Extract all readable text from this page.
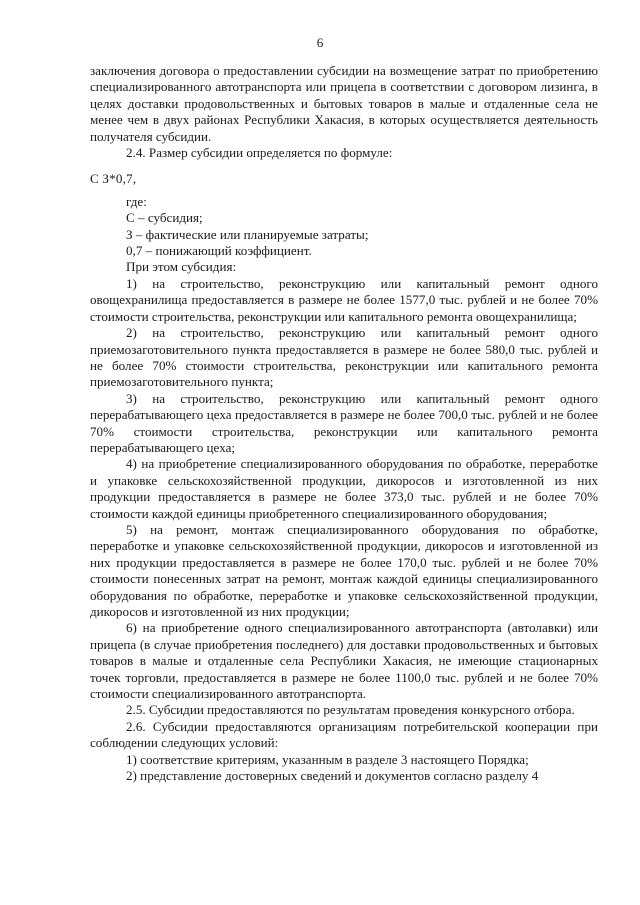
6

заключения договора о предоставлении субсидии на возмещение затрат по приобретению специализированного автотранспорта или прицепа в соответствии с договором лизинга, в целях доставки продовольственных и бытовых товаров в малые и отдаленные села не менее чем в двух районах Республики Хакасия, в которых осуществляется деятельность получателя субсидии.

2.4. Размер субсидии определяется по формуле:

С З*0,7,

где:

С – субсидия;

З – фактические или планируемые затраты;

0,7 – понижающий коэффициент.

При этом субсидия:

1) на строительство, реконструкцию или капитальный ремонт одного овощехранилища предоставляется в размере не более 1577,0 тыс. рублей и не более 70% стоимости строительства, реконструкции или капитального ремонта овощехранилища;

2) на строительство, реконструкцию или капитальный ремонт одного приемозаготовительного пункта предоставляется в размере не более 580,0 тыс. рублей и не более 70% стоимости строительства, реконструкции или капитального ремонта приемозаготовительного пункта;

3) на строительство, реконструкцию или капитальный ремонт одного перерабатывающего цеха предоставляется в размере не более 700,0 тыс. рублей и не более 70% стоимости строительства, реконструкции или капитального ремонта перерабатывающего цеха;

4) на приобретение специализированного оборудования по обработке, переработке и упаковке сельскохозяйственной продукции, дикоросов и изготовленной из них продукции предоставляется в размере не более 373,0 тыс. рублей и не более 70% стоимости каждой единицы приобретенного специализированного оборудования;

5) на ремонт, монтаж специализированного оборудования по обработке, переработке и упаковке сельскохозяйственной продукции, дикоросов и изготовленной из них продукции предоставляется в размере не более 170,0 тыс. рублей и не более 70% стоимости понесенных затрат на ремонт, монтаж каждой единицы специализированного оборудования по обработке, переработке и упаковке сельскохозяйственной продукции, дикоросов и изготовленной из них продукции;

6) на приобретение одного специализированного автотранспорта (автолавки) или прицепа (в случае приобретения последнего) для доставки продовольственных и бытовых товаров в малые и отдаленные села Республики Хакасия, не имеющие стационарных точек торговли, предоставляется в размере не более 1100,0 тыс. рублей и не более 70% стоимости специализированного автотранспорта.

2.5. Субсидии предоставляются по результатам проведения конкурсного отбора.

2.6. Субсидии предоставляются организациям потребительской кооперации при соблюдении следующих условий:

1) соответствие критериям, указанным в разделе 3 настоящего Порядка;

2) представление достоверных сведений и документов согласно разделу 4
